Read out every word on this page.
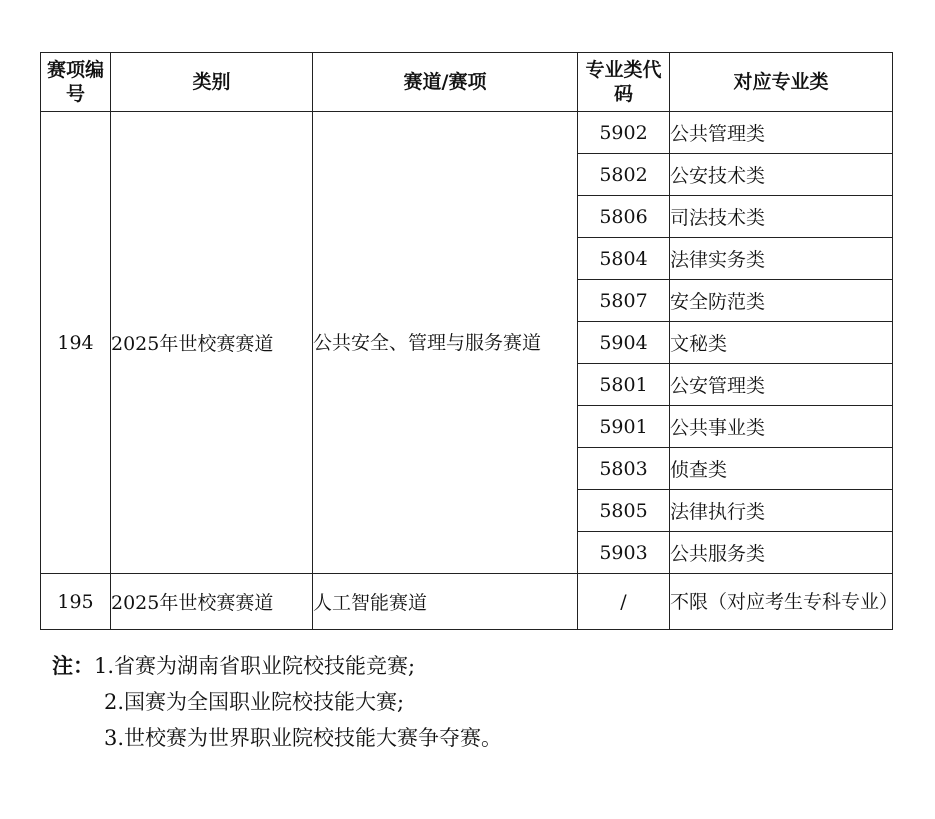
赛项编号	类别	赛道/赛项	专业类代码	对应专业类
194	2025年世校赛赛道	公共安全、管理与服务赛道	5902	公共管理类
			5802	公安技术类
			5806	司法技术类
			5804	法律实务类
			5807	安全防范类
			5904	文秘类
			5801	公安管理类
			5901	公共事业类
			5803	侦查类
			5805	法律执行类
			5903	公共服务类
195	2025年世校赛赛道	人工智能赛道	/	不限（对应考生专科专业）
注：1.省赛为湖南省职业院校技能竞赛;
2.国赛为全国职业院校技能大赛;
3.世校赛为世界职业院校技能大赛争夺赛。
